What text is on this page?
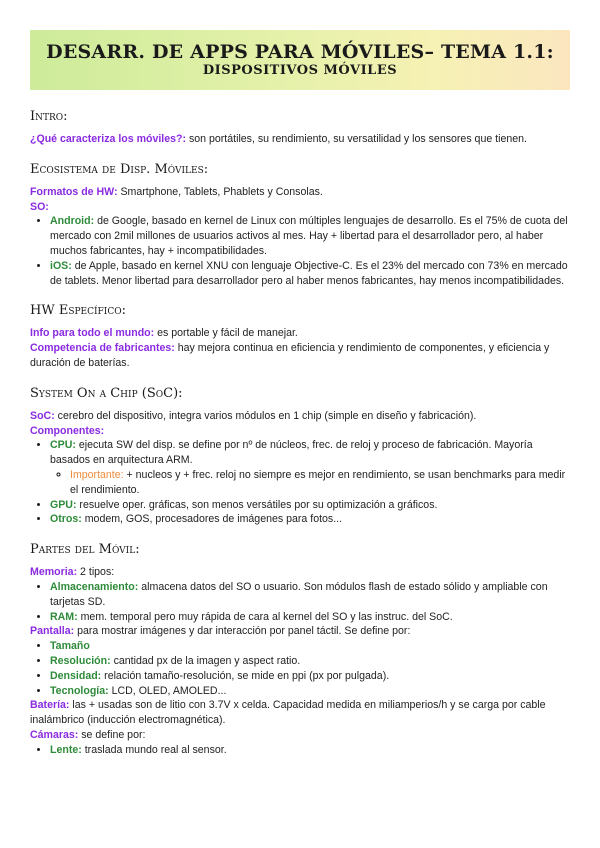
DESARR. DE APPS PARA MÓVILES– TEMA 1.1:
DISPOSITIVOS MÓVILES
Intro:

¿Qué caracteriza los móviles?: son portátiles, su rendimiento, su versatilidad y los sensores que tienen.

Ecosistema de Disp. Móviles:

Formatos de HW: Smartphone, Tablets, Phablets y Consolas.

SO:

• Android: de Google, basado en kernel de Linux con múltiples lenguajes de desarrollo. Es el 75% de cuota del mercado con 2mil millones de usuarios activos al mes. Hay + libertad para el desarrollador pero, al haber muchos fabricantes, hay + incompatibilidades.
• iOS: de Apple, basado en kernel XNU con lenguaje Objective-C. Es el 23% del mercado con 73% en mercado de tablets. Menor libertad para desarrollador pero al haber menos fabricantes, hay menos incompatibilidades.
HW Específico:

Info para todo el mundo: es portable y fácil de manejar.

Competencia de fabricantes: hay mejora continua en eficiencia y rendimiento de componentes, y eficiencia y duración de baterías.

System On a Chip (SoC):

SoC: cerebro del dispositivo, integra varios módulos en 1 chip (simple en diseño y fabricación).

Componentes:

• CPU: ejecuta SW del disp. se define por nº de núcleos, frec. de reloj y proceso de fabricación. Mayoría basados en arquitectura ARM.
◦ Importante: + nucleos y + frec. reloj no siempre es mejor en rendimiento, se usan benchmarks para medir el rendimiento.
• GPU: resuelve oper. gráficas, son menos versátiles por su optimización a gráficos.
• Otros: modem, GOS, procesadores de imágenes para fotos...
Partes del Móvil:

Memoria: 2 tipos:

• Almacenamiento: almacena datos del SO o usuario. Son módulos flash de estado sólido y ampliable con tarjetas SD.
• RAM: mem. temporal pero muy rápida de cara al kernel del SO y las instruc. del SoC.

Pantalla: para mostrar imágenes y dar interacción por panel táctil. Se define por:

• Tamaño
• Resolución: cantidad px de la imagen y aspect ratio.
• Densidad: relación tamaño-resolución, se mide en ppi (px por pulgada).
• Tecnología: LCD, OLED, AMOLED...

Batería: las + usadas son de litio con 3.7V x celda. Capacidad medida en miliamperios/h y se carga por cable inalámbrico (inducción electromagnética).

Cámaras: se define por:

• Lente: traslada mundo real al sensor.
